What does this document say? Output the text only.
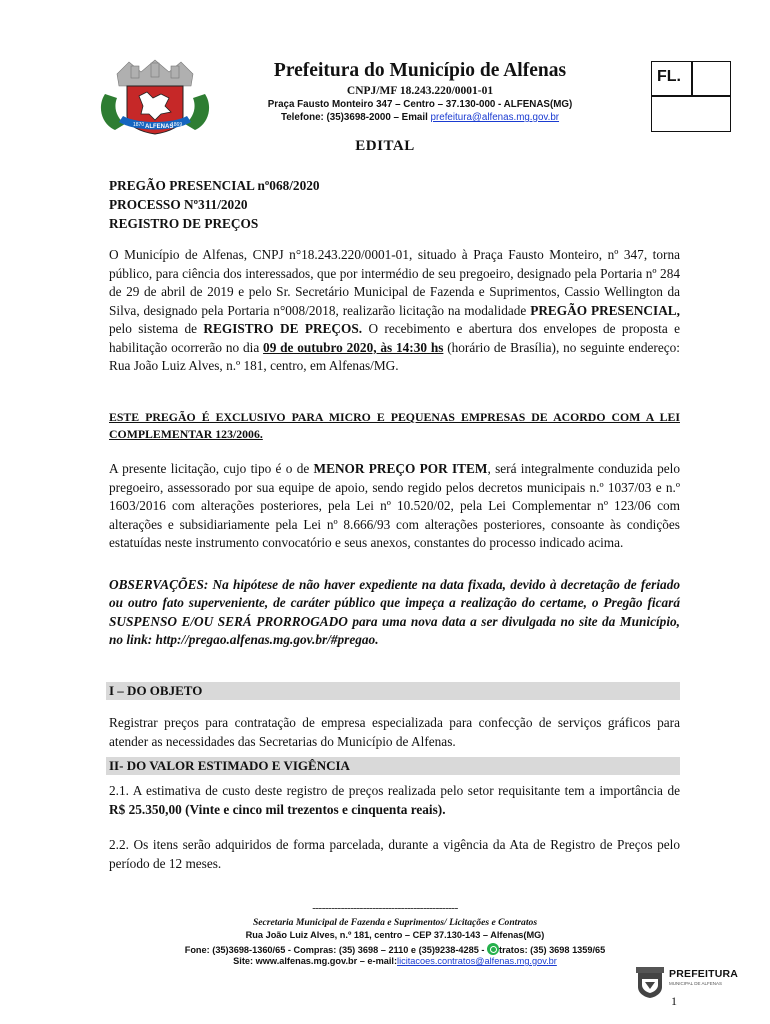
1870 ALFENAS
1869
Prefeitura do Município de Alfenas
CNPJ/MF 18.243.220/0001-01
Praça Fausto Monteiro 347 – Centro – 37.130-000 - ALFENAS(MG)
Telefone: (35)3698-2000 – Email prefeitura@alfenas.mg.gov.br
FL.
EDITAL
PREGÃO PRESENCIAL nº068/2020
PROCESSO Nº311/2020
REGISTRO DE PREÇOS
O Município de Alfenas, CNPJ n°18.243.220/0001-01, situado à Praça Fausto Monteiro, nº 347, torna público, para ciência dos interessados, que por intermédio de seu pregoeiro, designado pela Portaria nº 284 de 29 de abril de 2019 e pelo Sr. Secretário Municipal de Fazenda e Suprimentos, Cassio Wellington da Silva, designado pela Portaria n°008/2018, realizarão licitação na modalidade PREGÃO PRESENCIAL, pelo sistema de REGISTRO DE PREÇOS. O recebimento e abertura dos envelopes de proposta e habilitação ocorrerão no dia 09 de outubro 2020, às 14:30 hs (horário de Brasília), no seguinte endereço: Rua João Luiz Alves, n.º 181, centro, em Alfenas/MG.
ESTE PREGÃO É EXCLUSIVO PARA MICRO E PEQUENAS EMPRESAS DE ACORDO COM A LEI COMPLEMENTAR 123/2006.
A presente licitação, cujo tipo é o de MENOR PREÇO POR ITEM, será integralmente conduzida pelo pregoeiro, assessorado por sua equipe de apoio, sendo regido pelos decretos municipais n.º 1037/03 e n.º 1603/2016 com alterações posteriores, pela Lei nº 10.520/02, pela Lei Complementar nº 123/06 com alterações e subsidiariamente pela Lei nº 8.666/93 com alterações posteriores, consoante às condições estatuídas neste instrumento convocatório e seus anexos, constantes do processo indicado acima.
OBSERVAÇÕES: Na hipótese de não haver expediente na data fixada, devido à decretação de feriado ou outro fato superveniente, de caráter público que impeça a realização do certame, o Pregão ficará SUSPENSO E/OU SERÁ PRORROGADO para uma nova data a ser divulgada no site da Município, no link: http://pregao.alfenas.mg.gov.br/#pregao.
I – DO OBJETO
Registrar preços para contratação de empresa especializada para confecção de serviços gráficos para atender as necessidades das Secretarias do Município de Alfenas.
II- DO VALOR ESTIMADO E VIGÊNCIA
2.1. A estimativa de custo deste registro de preços realizada pelo setor requisitante tem a importância de R$ 25.350,00 (Vinte e cinco mil trezentos e cinquenta reais).
2.2. Os itens serão adquiridos de forma parcelada, durante a vigência da Ata de Registro de Preços pelo período de 12 meses.
----------------------------------------------
Secretaria Municipal de Fazenda e Suprimentos/ Licitações e Contratos
Rua João Luiz Alves, n.º 181, centro – CEP 37.130-143 – Alfenas(MG)
Fone: (35)3698-1360/65 - Compras: (35) 3698 – 2110 e (35)9238-4285 - tratos: (35) 3698 1359/65
Site: www.alfenas.mg.gov.br – e-mail:licitacoes.contratos@alfenas.mg.gov.br
PREFEITURA
MUNICIPAL DE ALFENAS
1
